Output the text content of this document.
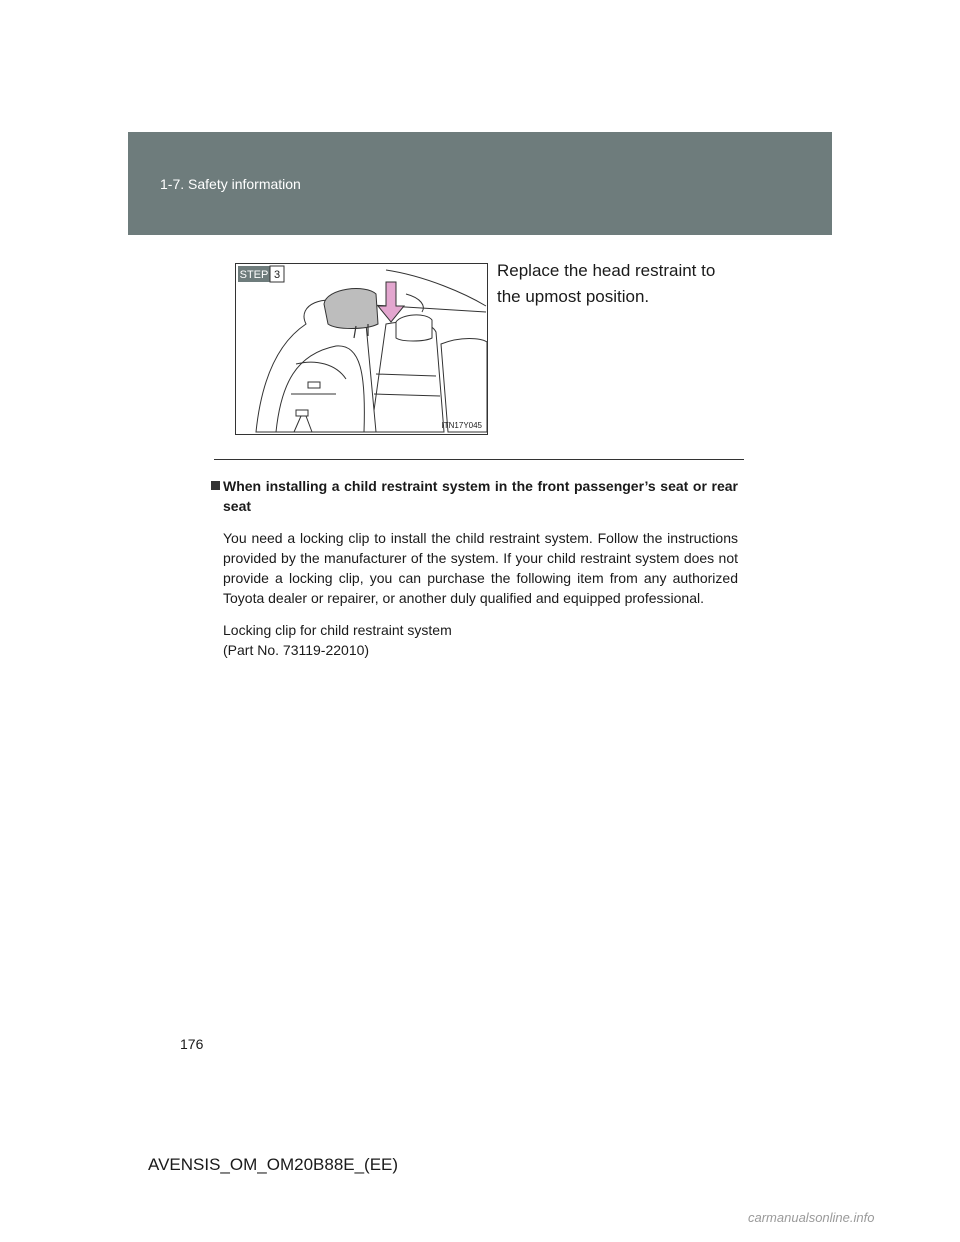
1-7. Safety information
STEP 3
ITN17Y045
Replace the head restraint to the upmost position.
When installing a child restraint system in the front passenger’s seat or rear seat

You need a locking clip to install the child restraint system. Follow the instructions provided by the manufacturer of the system. If your child restraint system does not provide a locking clip, you can purchase the following item from any authorized Toyota dealer or repairer, or another duly qualified and equipped professional.

Locking clip for child restraint system
(Part No. 73119-22010)
176
AVENSIS_OM_OM20B88E_(EE)
carmanualsonline.info
